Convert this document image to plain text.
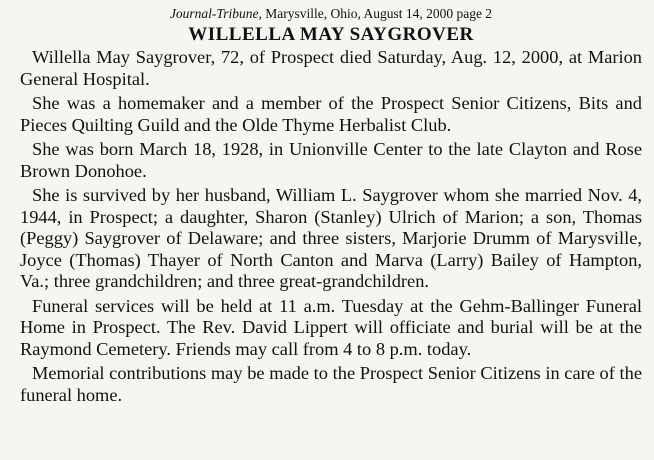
Journal-Tribune, Marysville, Ohio, August 14, 2000 page 2
WILLELLA MAY SAYGROVER

Willella May Saygrover, 72, of Prospect died Saturday, Aug. 12, 2000, at Marion General Hospital.

She was a homemaker and a member of the Prospect Senior Citizens, Bits and Pieces Quilting Guild and the Olde Thyme Herbalist Club.

She was born March 18, 1928, in Unionville Center to the late Clayton and Rose Brown Donohoe.

She is survived by her husband, William L. Saygrover whom she married Nov. 4, 1944, in Prospect; a daughter, Sharon (Stanley) Ulrich of Marion; a son, Thomas (Peggy) Saygrover of Delaware; and three sisters, Marjorie Drumm of Marysville, Joyce (Thomas) Thayer of North Canton and Marva (Larry) Bailey of Hampton, Va.; three grandchildren; and three great-grandchildren.

Funeral services will be held at 11 a.m. Tuesday at the Gehm-Ballinger Funeral Home in Prospect. The Rev. David Lippert will officiate and burial will be at the Raymond Cemetery. Friends may call from 4 to 8 p.m. today.

Memorial contributions may be made to the Prospect Senior Citizens in care of the funeral home.
